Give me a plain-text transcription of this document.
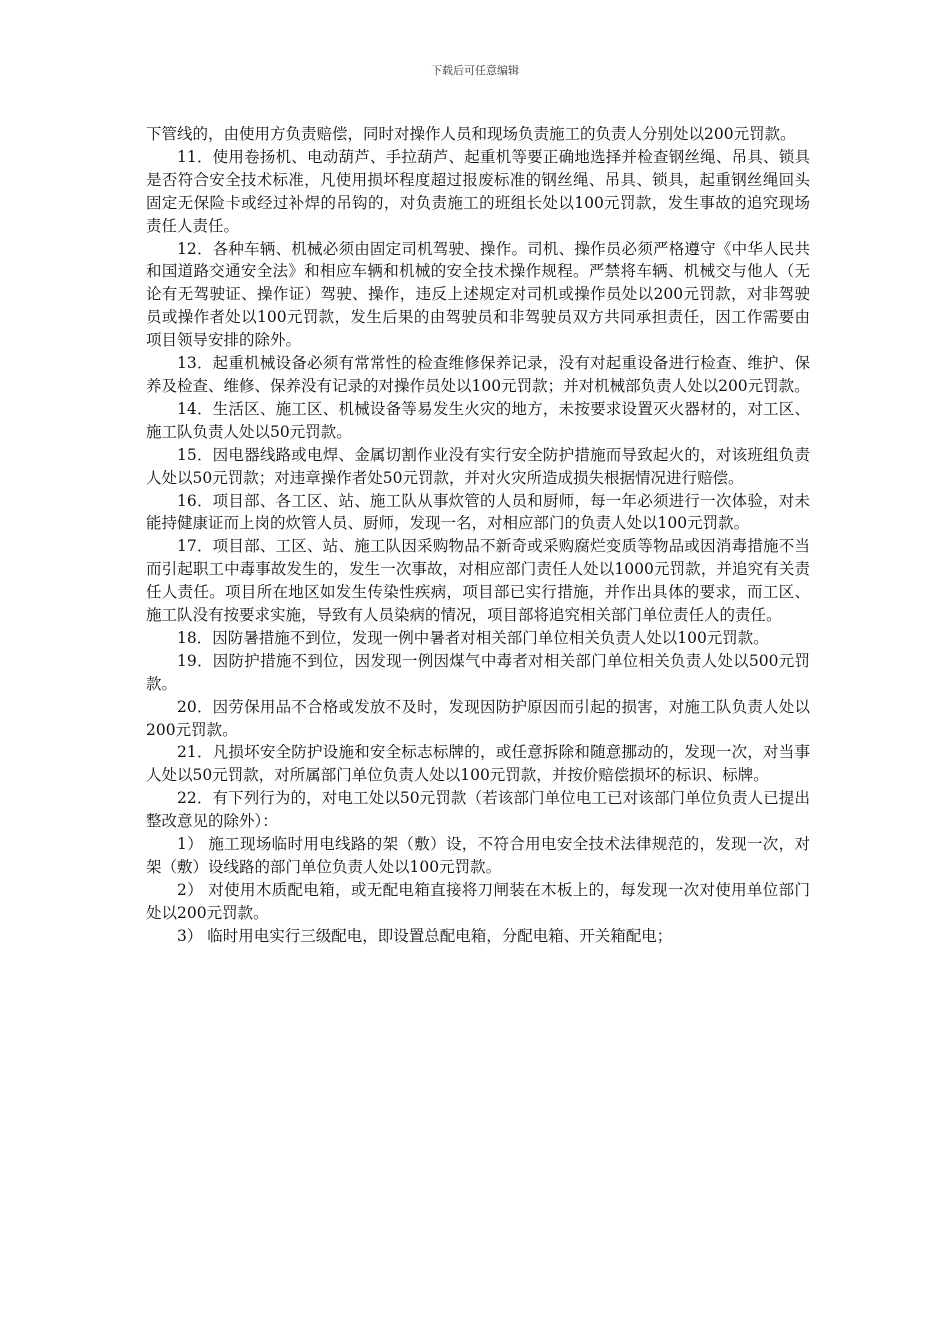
下载后可任意编辑

下管线的，由使用方负责赔偿，同时对操作人员和现场负责施工的负责人分别处以200元罚款。

11．使用卷扬机、电动葫芦、手拉葫芦、起重机等要正确地选择并检查钢丝绳、吊具、锁具是否符合安全技术标准，凡使用损坏程度超过报废标准的钢丝绳、吊具、锁具，起重钢丝绳回头固定无保险卡或经过补焊的吊钩的，对负责施工的班组长处以100元罚款，发生事故的追究现场责任人责任。

12．各种车辆、机械必须由固定司机驾驶、操作。司机、操作员必须严格遵守《中华人民共和国道路交通安全法》和相应车辆和机械的安全技术操作规程。严禁将车辆、机械交与他人（无论有无驾驶证、操作证）驾驶、操作，违反上述规定对司机或操作员处以200元罚款，对非驾驶员或操作者处以100元罚款，发生后果的由驾驶员和非驾驶员双方共同承担责任，因工作需要由项目领导安排的除外。

13．起重机械设备必须有常常性的检查维修保养记录，没有对起重设备进行检查、维护、保养及检查、维修、保养没有记录的对操作员处以100元罚款；并对机械部负责人处以200元罚款。

14．生活区、施工区、机械设备等易发生火灾的地方，未按要求设置灭火器材的，对工区、施工队负责人处以50元罚款。

15．因电器线路或电焊、金属切割作业没有实行安全防护措施而导致起火的，对该班组负责人处以50元罚款；对违章操作者处50元罚款，并对火灾所造成损失根据情况进行赔偿。

16．项目部、各工区、站、施工队从事炊管的人员和厨师，每一年必须进行一次体验，对未能持健康证而上岗的炊管人员、厨师，发现一名，对相应部门的负责人处以100元罚款。

17．项目部、工区、站、施工队因采购物品不新奇或采购腐烂变质等物品或因消毒措施不当而引起职工中毒事故发生的，发生一次事故，对相应部门责任人处以1000元罚款，并追究有关责任人责任。项目所在地区如发生传染性疾病，项目部已实行措施，并作出具体的要求，而工区、施工队没有按要求实施，导致有人员染病的情况，项目部将追究相关部门单位责任人的责任。

18．因防暑措施不到位，发现一例中暑者对相关部门单位相关负责人处以100元罚款。

19．因防护措施不到位，因发现一例因煤气中毒者对相关部门单位相关负责人处以500元罚款。

20．因劳保用品不合格或发放不及时，发现因防护原因而引起的损害，对施工队负责人处以200元罚款。

21．凡损坏安全防护设施和安全标志标牌的，或任意拆除和随意挪动的，发现一次，对当事人处以50元罚款，对所属部门单位负责人处以100元罚款，并按价赔偿损坏的标识、标牌。

22．有下列行为的，对电工处以50元罚款（若该部门单位电工已对该部门单位负责人已提出整改意见的除外）：

1） 施工现场临时用电线路的架（敷）设，不符合用电安全技术法律规范的，发现一次，对架（敷）设线路的部门单位负责人处以100元罚款。

2） 对使用木质配电箱，或无配电箱直接将刀闸装在木板上的，每发现一次对使用单位部门处以200元罚款。

3） 临时用电实行三级配电，即设置总配电箱，分配电箱、开关箱配电；
